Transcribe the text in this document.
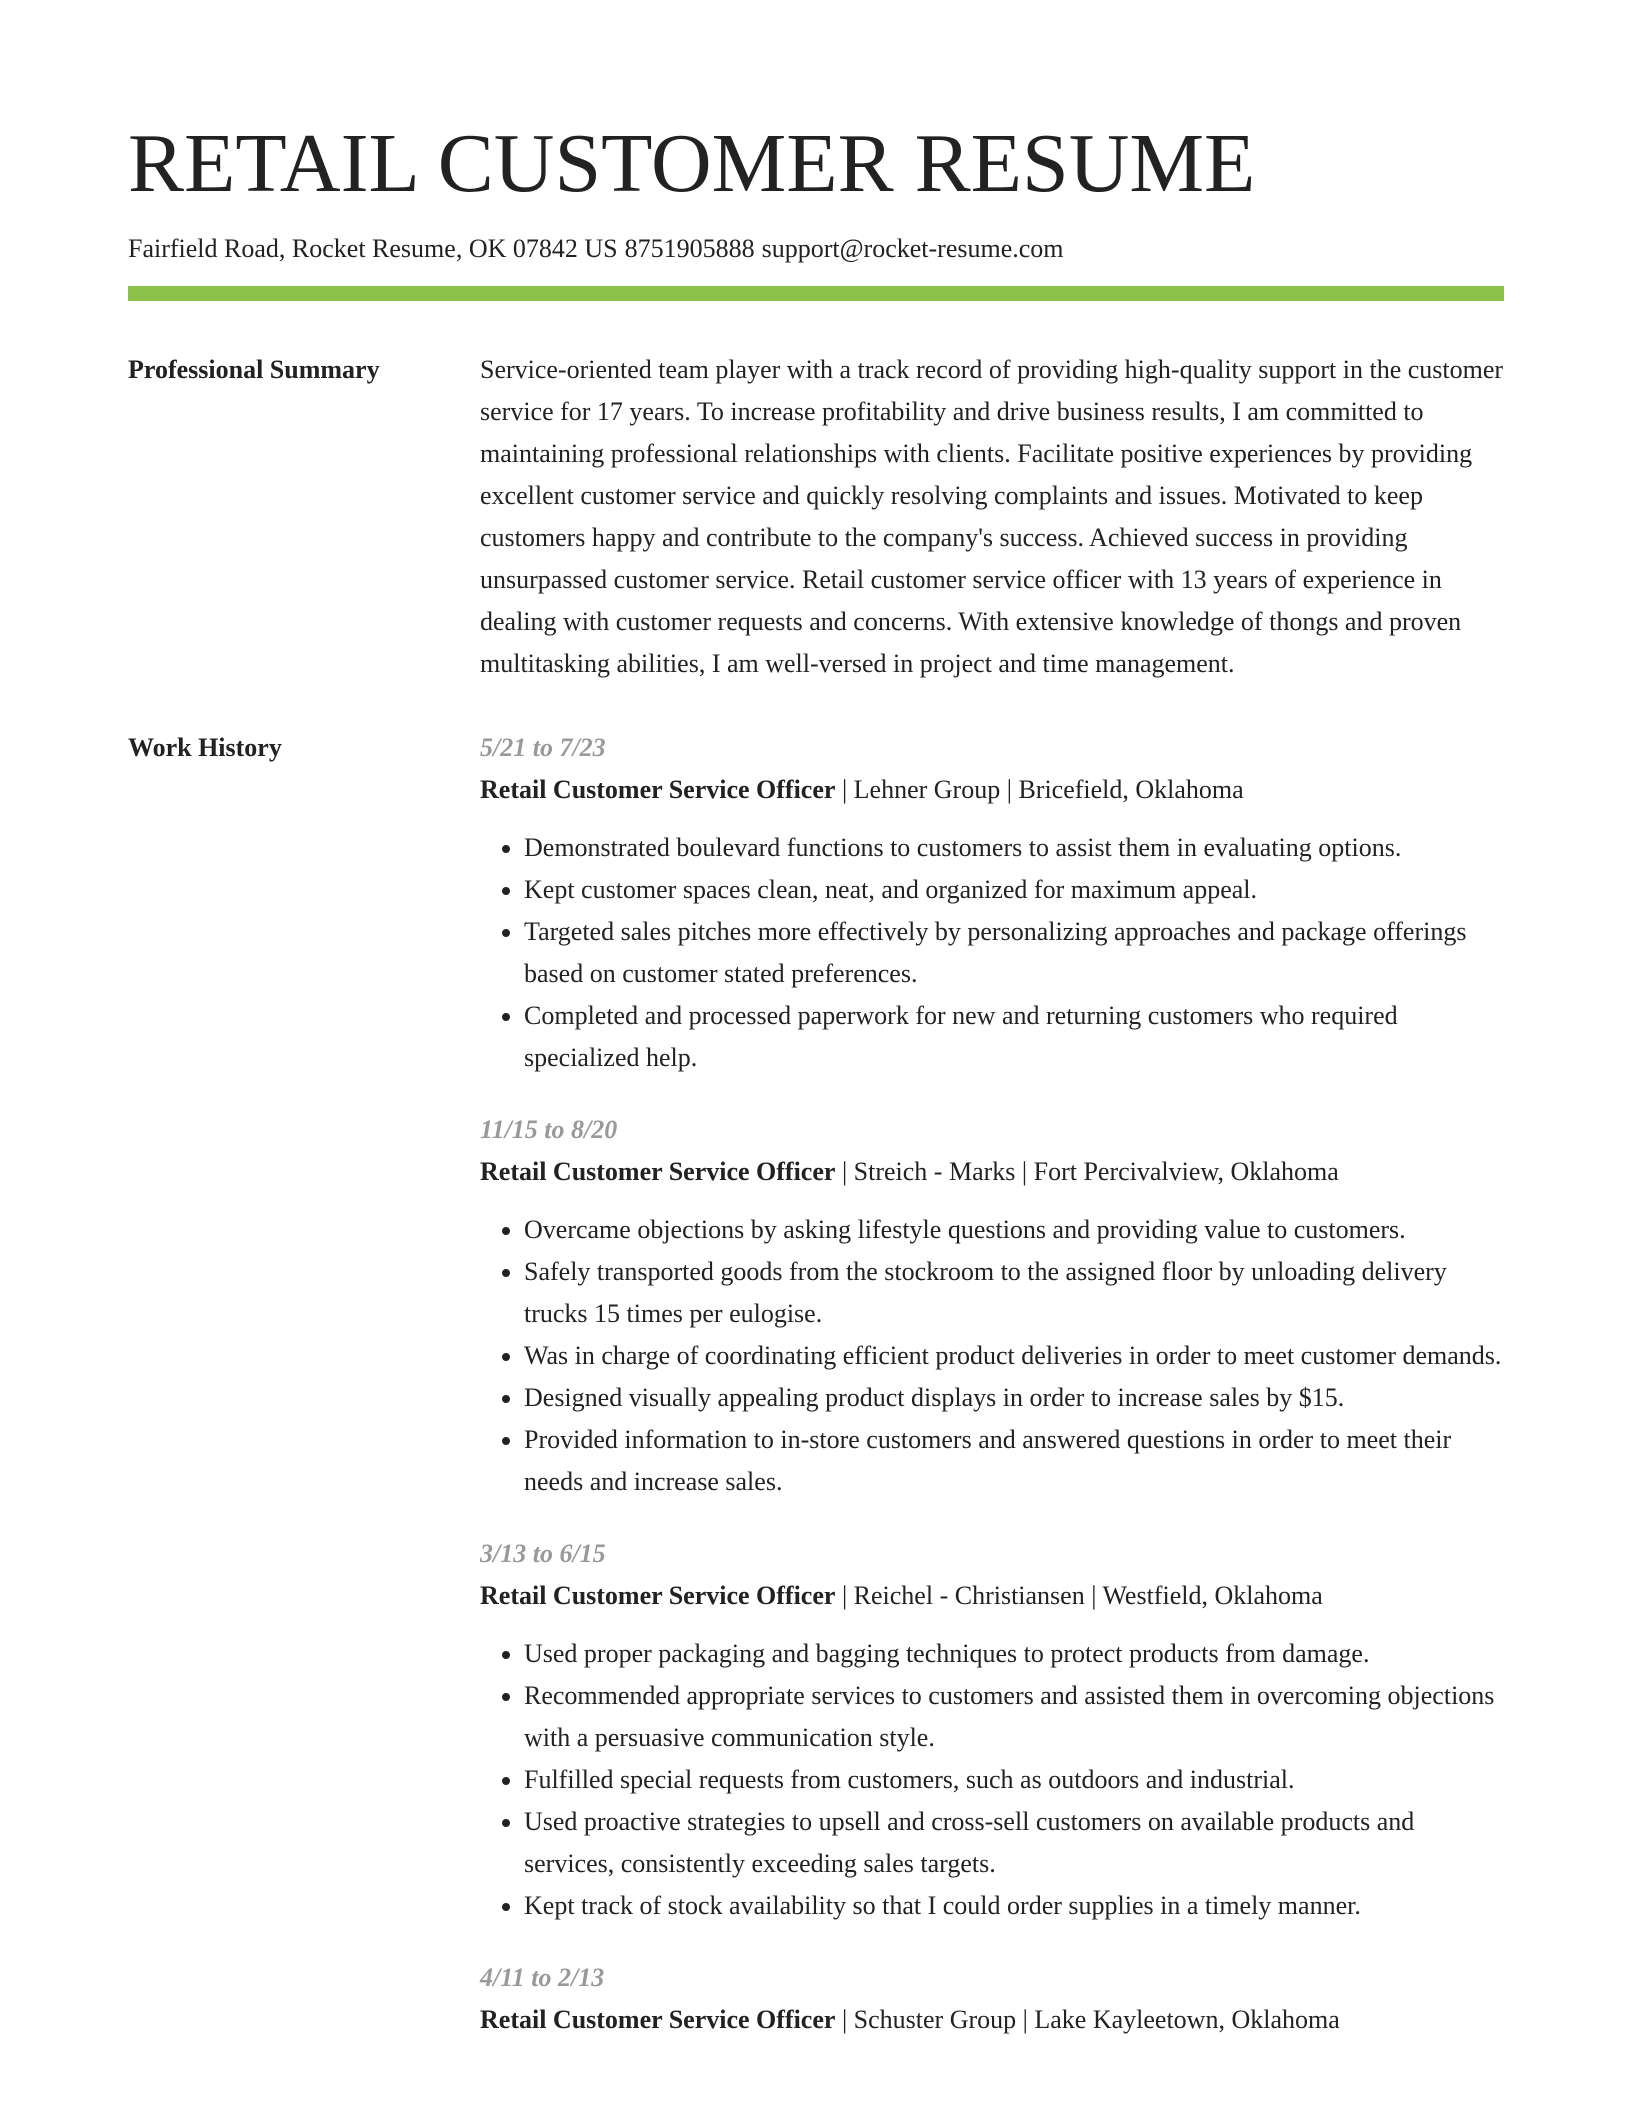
RETAIL CUSTOMER RESUME
Fairfield Road, Rocket Resume, OK 07842 US 8751905888 support@rocket-resume.com
Professional Summary	Service-oriented team player with a track record of providing high-quality support in the customer service for 17 years. To increase profitability and drive business results, I am committed to maintaining professional relationships with clients. Facilitate positive experiences by providing excellent customer service and quickly resolving complaints and issues. Motivated to keep customers happy and contribute to the company's success. Achieved success in providing unsurpassed customer service. Retail customer service officer with 13 years of experience in dealing with customer requests and concerns. With extensive knowledge of thongs and proven multitasking abilities, I am well-versed in project and time management.

Work History	5/21 to 7/23
Retail Customer Service Officer | Lehner Group | Bricefield, Oklahoma
• Demonstrated boulevard functions to customers to assist them in evaluating options.
• Kept customer spaces clean, neat, and organized for maximum appeal.
• Targeted sales pitches more effectively by personalizing approaches and package offerings based on customer stated preferences.
• Completed and processed paperwork for new and returning customers who required specialized help.
11/15 to 8/20
Retail Customer Service Officer | Streich - Marks | Fort Percivalview, Oklahoma
• Overcame objections by asking lifestyle questions and providing value to customers.
• Safely transported goods from the stockroom to the assigned floor by unloading delivery trucks 15 times per eulogise.
• Was in charge of coordinating efficient product deliveries in order to meet customer demands.
• Designed visually appealing product displays in order to increase sales by $15.
• Provided information to in-store customers and answered questions in order to meet their needs and increase sales.
3/13 to 6/15
Retail Customer Service Officer | Reichel - Christiansen | Westfield, Oklahoma
• Used proper packaging and bagging techniques to protect products from damage.
• Recommended appropriate services to customers and assisted them in overcoming objections with a persuasive communication style.
• Fulfilled special requests from customers, such as outdoors and industrial.
• Used proactive strategies to upsell and cross-sell customers on available products and services, consistently exceeding sales targets.
• Kept track of stock availability so that I could order supplies in a timely manner.
4/11 to 2/13
Retail Customer Service Officer | Schuster Group | Lake Kayleetown, Oklahoma
